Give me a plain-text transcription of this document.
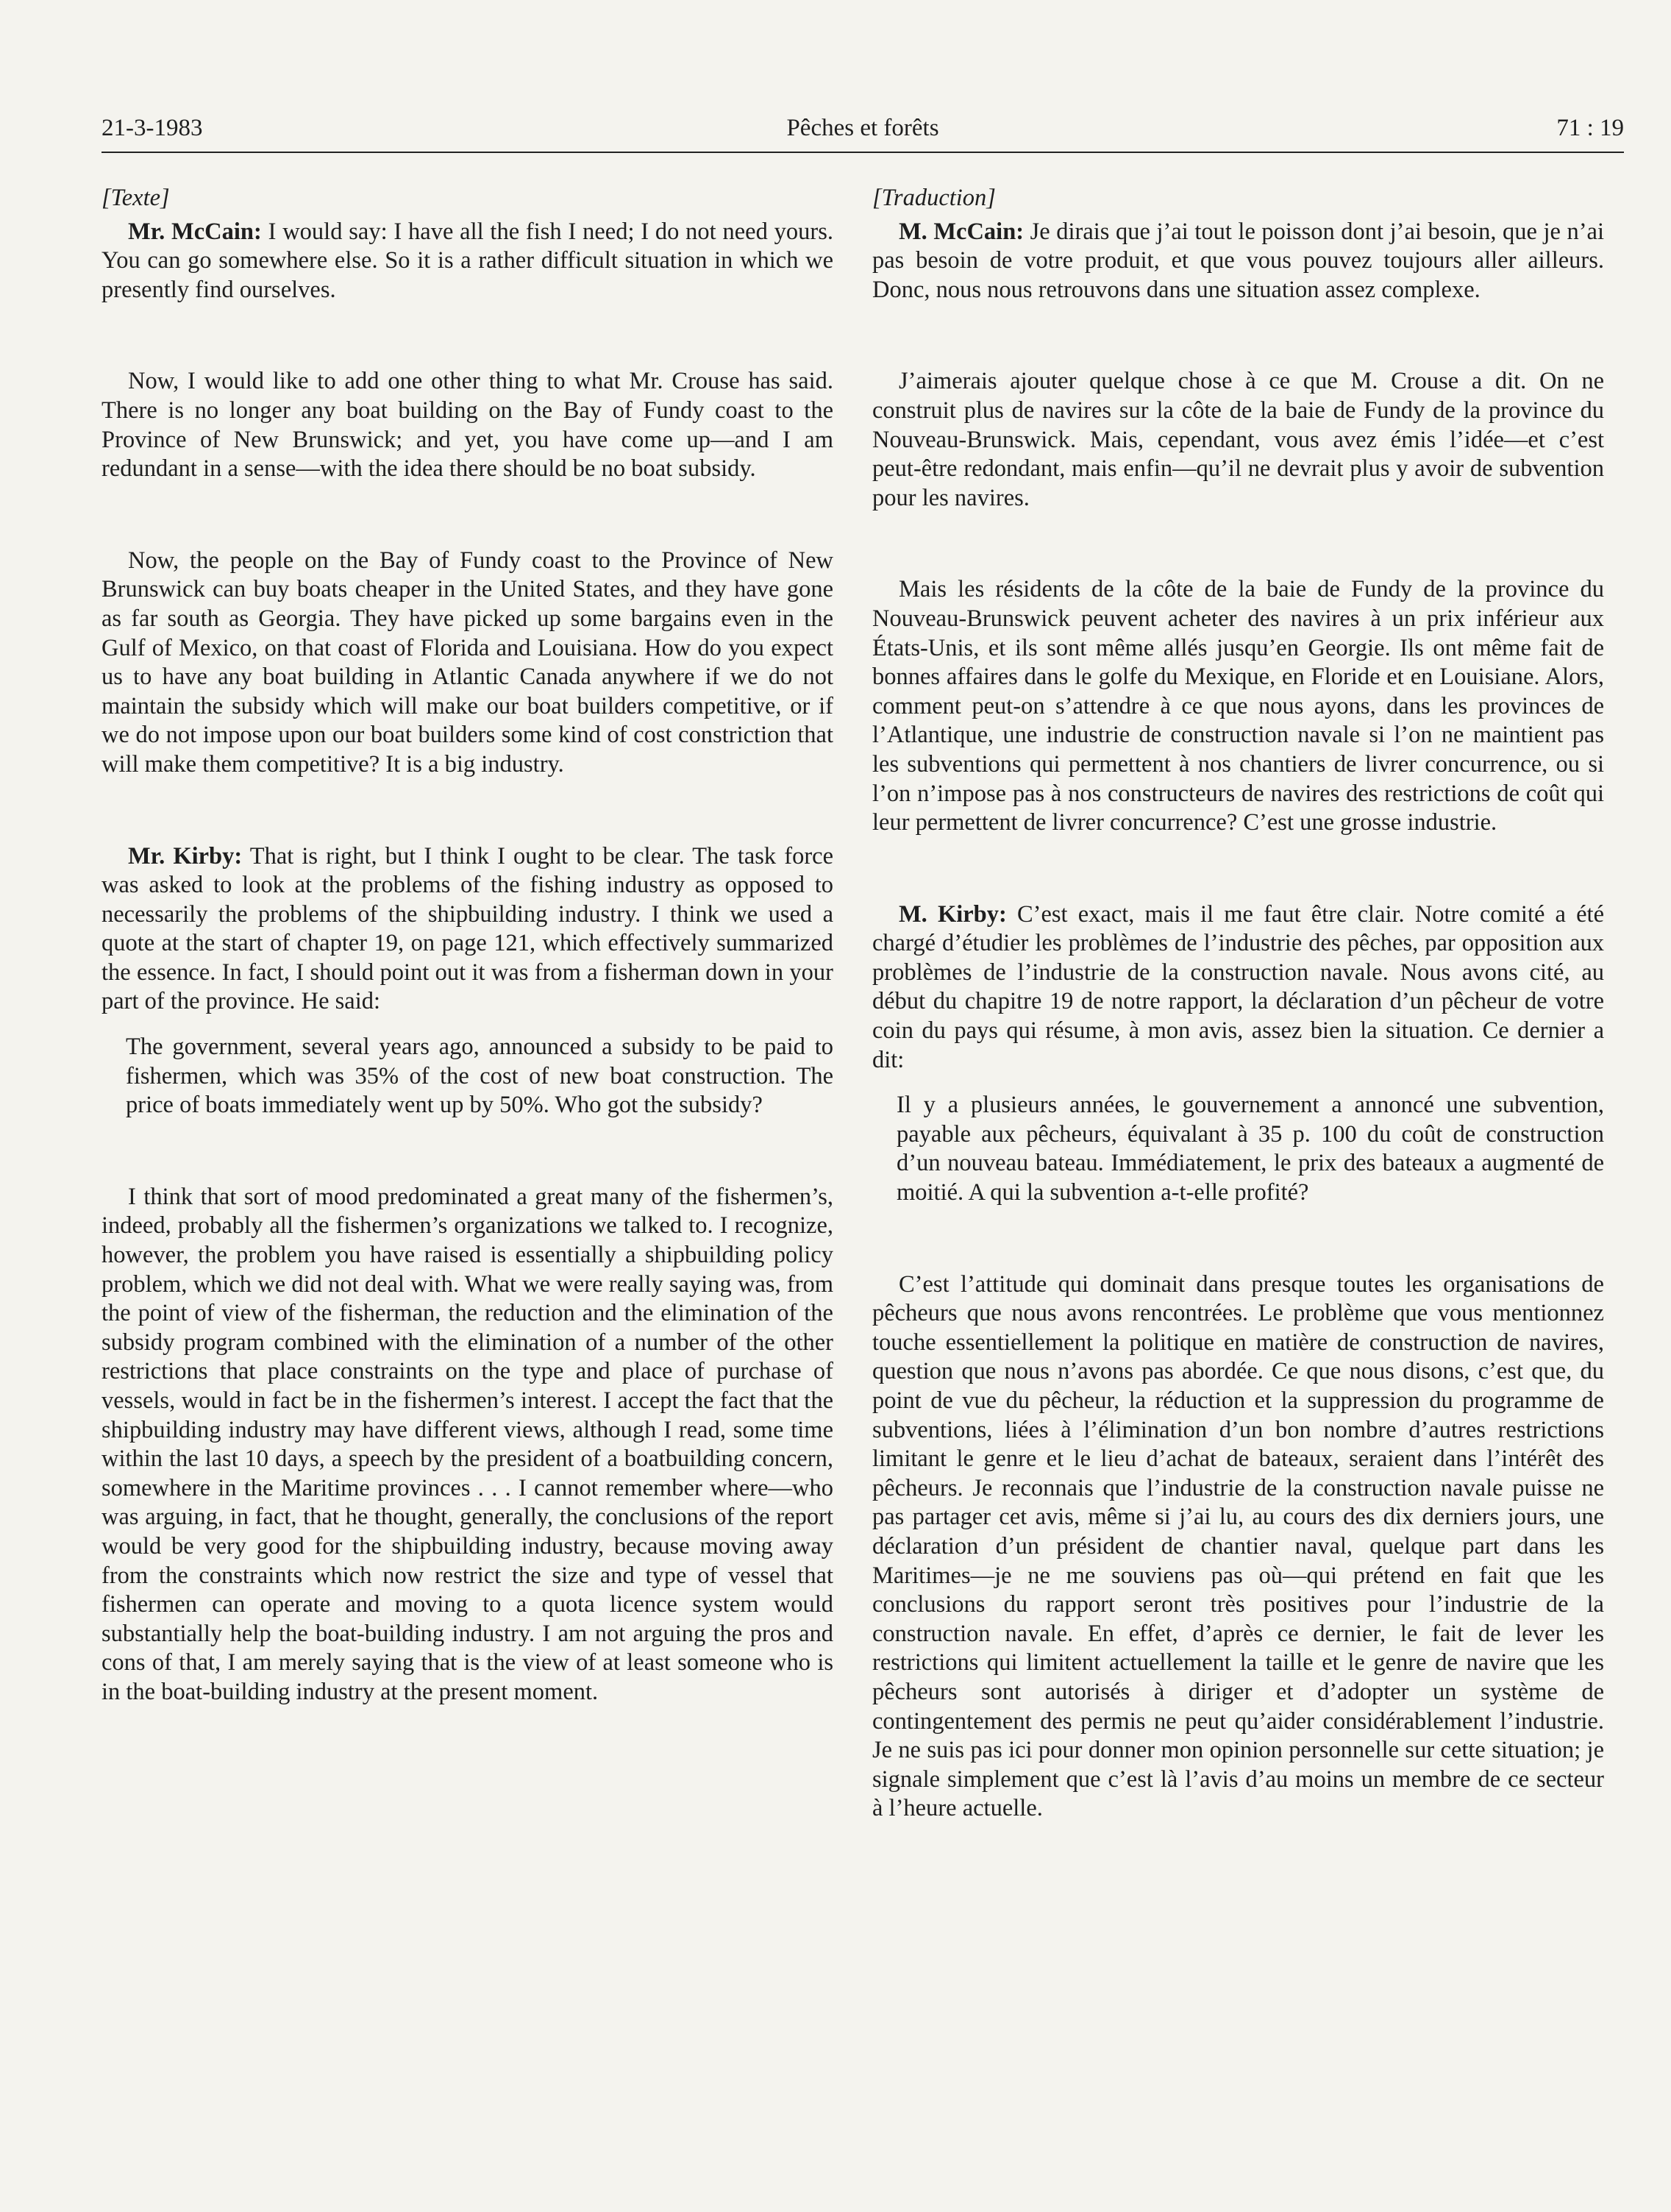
21-3-1983	Pêches et forêts	71 : 19

[Texte]

Mr. McCain: I would say: I have all the fish I need; I do not need yours. You can go somewhere else. So it is a rather difficult situation in which we presently find ourselves.

Now, I would like to add one other thing to what Mr. Crouse has said. There is no longer any boat building on the Bay of Fundy coast to the Province of New Brunswick; and yet, you have come up—and I am redundant in a sense—with the idea there should be no boat subsidy.

Now, the people on the Bay of Fundy coast to the Province of New Brunswick can buy boats cheaper in the United States, and they have gone as far south as Georgia. They have picked up some bargains even in the Gulf of Mexico, on that coast of Florida and Louisiana. How do you expect us to have any boat building in Atlantic Canada anywhere if we do not maintain the subsidy which will make our boat builders competitive, or if we do not impose upon our boat builders some kind of cost constriction that will make them competitive? It is a big industry.

Mr. Kirby: That is right, but I think I ought to be clear. The task force was asked to look at the problems of the fishing industry as opposed to necessarily the problems of the shipbuilding industry. I think we used a quote at the start of chapter 19, on page 121, which effectively summarized the essence. In fact, I should point out it was from a fisherman down in your part of the province. He said:

The government, several years ago, announced a subsidy to be paid to fishermen, which was 35% of the cost of new boat construction. The price of boats immediately went up by 50%. Who got the subsidy?

I think that sort of mood predominated a great many of the fishermen’s, indeed, probably all the fishermen’s organizations we talked to. I recognize, however, the problem you have raised is essentially a shipbuilding policy problem, which we did not deal with. What we were really saying was, from the point of view of the fisherman, the reduction and the elimination of the subsidy program combined with the elimination of a number of the other restrictions that place constraints on the type and place of purchase of vessels, would in fact be in the fishermen’s interest. I accept the fact that the shipbuilding industry may have different views, although I read, some time within the last 10 days, a speech by the president of a boatbuilding concern, somewhere in the Maritime provinces . . . I cannot remember where—who was arguing, in fact, that he thought, generally, the conclusions of the report would be very good for the shipbuilding industry, because moving away from the constraints which now restrict the size and type of vessel that fishermen can operate and moving to a quota licence system would substantially help the boat-building industry. I am not arguing the pros and cons of that, I am merely saying that is the view of at least someone who is in the boat-building industry at the present moment.

[Traduction]

M. McCain: Je dirais que j’ai tout le poisson dont j’ai besoin, que je n’ai pas besoin de votre produit, et que vous pouvez toujours aller ailleurs. Donc, nous nous retrouvons dans une situation assez complexe.

J’aimerais ajouter quelque chose à ce que M. Crouse a dit. On ne construit plus de navires sur la côte de la baie de Fundy de la province du Nouveau-Brunswick. Mais, cependant, vous avez émis l’idée—et c’est peut-être redondant, mais enfin—qu’il ne devrait plus y avoir de subvention pour les navires.

Mais les résidents de la côte de la baie de Fundy de la province du Nouveau-Brunswick peuvent acheter des navires à un prix inférieur aux États-Unis, et ils sont même allés jusqu’en Georgie. Ils ont même fait de bonnes affaires dans le golfe du Mexique, en Floride et en Louisiane. Alors, comment peut-on s’attendre à ce que nous ayons, dans les provinces de l’Atlantique, une industrie de construction navale si l’on ne maintient pas les subventions qui permettent à nos chantiers de livrer concurrence, ou si l’on n’impose pas à nos constructeurs de navires des restrictions de coût qui leur permettent de livrer concurrence? C’est une grosse industrie.

M. Kirby: C’est exact, mais il me faut être clair. Notre comité a été chargé d’étudier les problèmes de l’industrie des pêches, par opposition aux problèmes de l’industrie de la construction navale. Nous avons cité, au début du chapitre 19 de notre rapport, la déclaration d’un pêcheur de votre coin du pays qui résume, à mon avis, assez bien la situation. Ce dernier a dit:

Il y a plusieurs années, le gouvernement a annoncé une subvention, payable aux pêcheurs, équivalant à 35 p. 100 du coût de construction d’un nouveau bateau. Immédiatement, le prix des bateaux a augmenté de moitié. A qui la subvention a-t-elle profité?

C’est l’attitude qui dominait dans presque toutes les organisations de pêcheurs que nous avons rencontrées. Le problème que vous mentionnez touche essentiellement la politique en matière de construction de navires, question que nous n’avons pas abordée. Ce que nous disons, c’est que, du point de vue du pêcheur, la réduction et la suppression du programme de subventions, liées à l’élimination d’un bon nombre d’autres restrictions limitant le genre et le lieu d’achat de bateaux, seraient dans l’intérêt des pêcheurs. Je reconnais que l’industrie de la construction navale puisse ne pas partager cet avis, même si j’ai lu, au cours des dix derniers jours, une déclaration d’un président de chantier naval, quelque part dans les Maritimes—je ne me souviens pas où—qui prétend en fait que les conclusions du rapport seront très positives pour l’industrie de la construction navale. En effet, d’après ce dernier, le fait de lever les restrictions qui limitent actuellement la taille et le genre de navire que les pêcheurs sont autorisés à diriger et d’adopter un système de contingentement des permis ne peut qu’aider considérablement l’industrie. Je ne suis pas ici pour donner mon opinion personnelle sur cette situation; je signale simplement que c’est là l’avis d’au moins un membre de ce secteur à l’heure actuelle.
